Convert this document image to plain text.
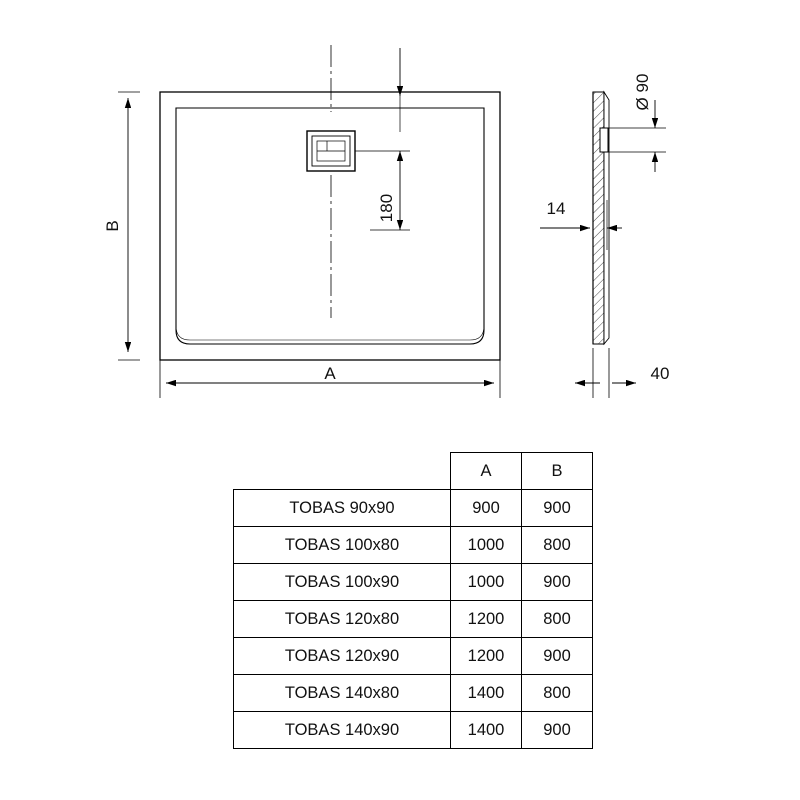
180
B
A
Ø 90
14
40
	A	B
TOBAS 90x90	900	900
TOBAS 100x80	1000	800
TOBAS 100x90	1000	900
TOBAS 120x80	1200	800
TOBAS 120x90	1200	900
TOBAS 140x80	1400	800
TOBAS 140x90	1400	900
